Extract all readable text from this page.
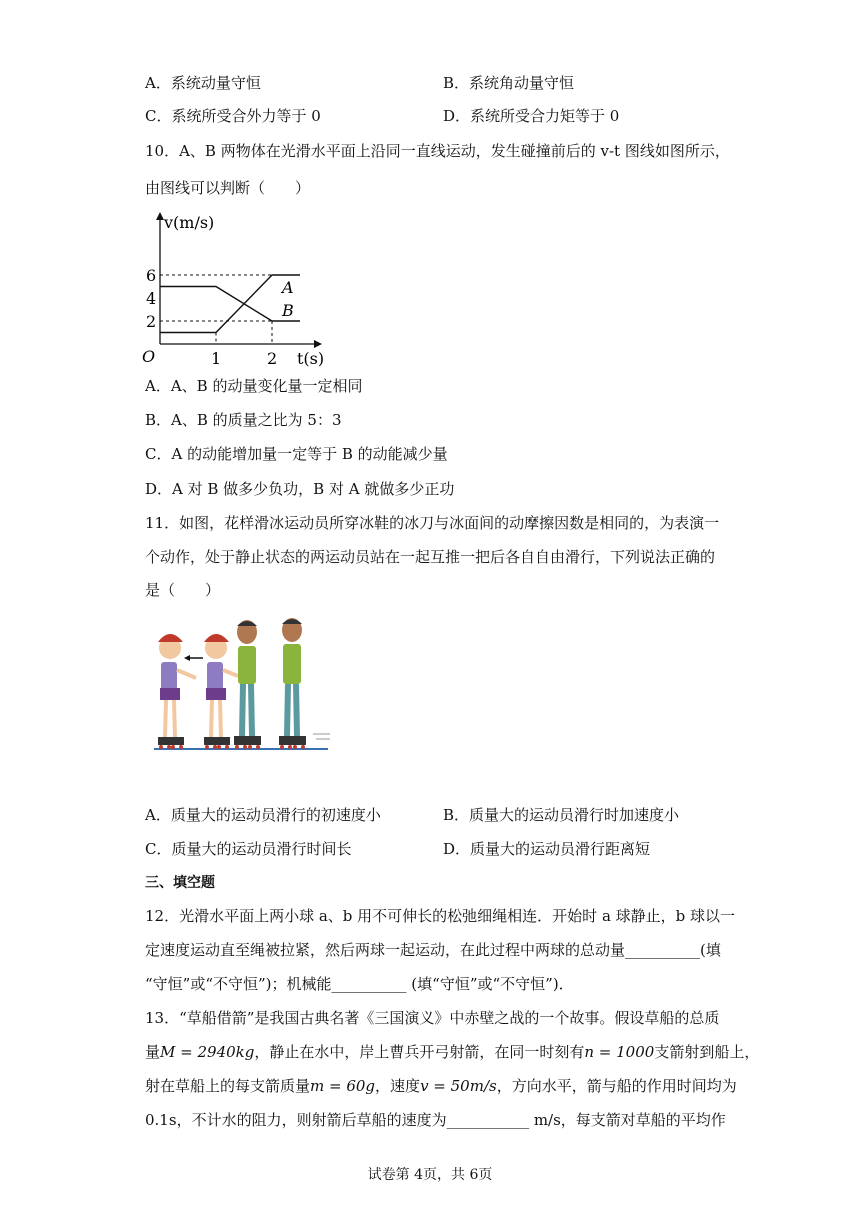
A．系统动量守恒	B．系统角动量守恒
C．系统所受合外力等于 0	D．系统所受合力矩等于 0
10．A、B 两物体在光滑水平面上沿同一直线运动，发生碰撞前后的 v-t 图线如图所示，
由图线可以判断（　　）
A
B
2
4
6
1	2
O
v(m/s)
t(s)
A．A、B 的动量变化量一定相同
B．A、B 的质量之比为 5：3
C．A 的动能增加量一定等于 B 的动能减少量
D．A 对 B 做多少负功，B 对 A 就做多少正功
11．如图，花样滑冰运动员所穿冰鞋的冰刀与冰面间的动摩擦因数是相同的，为表演一
个动作，处于静止状态的两运动员站在一起互推一把后各自自由滑行，下列说法正确的
是（　　）
A．质量大的运动员滑行的初速度小	B．质量大的运动员滑行时加速度小
C．质量大的运动员滑行时间长	D．质量大的运动员滑行距离短
三、填空题
12．光滑水平面上两小球 a、b 用不可伸长的松弛细绳相连．开始时 a 球静止，b 球以一
定速度运动直至绳被拉紧，然后两球一起运动，在此过程中两球的总动量__________(填
“守恒”或“不守恒”)；机械能__________ (填“守恒”或“不守恒”)．
13．“草船借箭”是我国古典名著《三国演义》中赤壁之战的一个故事。假设草船的总质
量M = 2940kg，静止在水中，岸上曹兵开弓射箭，在同一时刻有n = 1000支箭射到船上，
射在草船上的每支箭质量m = 60g，速度v = 50m/s，方向水平，箭与船的作用时间均为
0.1s，不计水的阻力，则射箭后草船的速度为___________ m/s，每支箭对草船的平均作
试卷第 4页，共 6页
